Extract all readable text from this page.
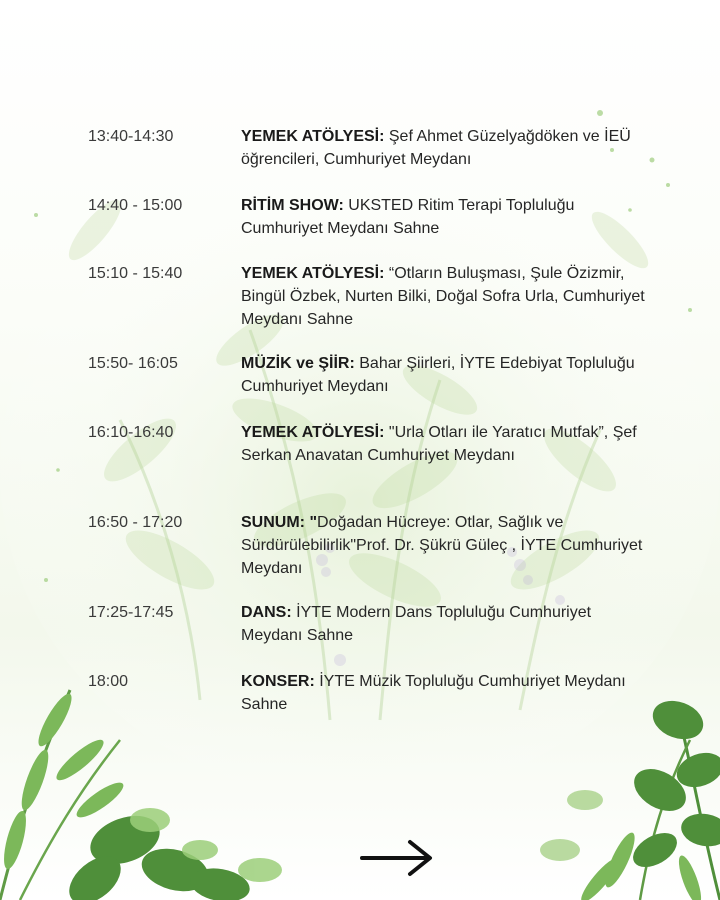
13:40-14:30	YEMEK ATÖLYESİ: Şef Ahmet Güzelyağdöken ve İEÜ öğrencileri, Cumhuriyet Meydanı
14:40 - 15:00	RİTİM SHOW: UKSTED Ritim Terapi Topluluğu Cumhuriyet Meydanı Sahne
15:10 - 15:40	YEMEK ATÖLYESİ: “Otların Buluşması, Şule Özizmir, Bingül Özbek, Nurten Bilki, Doğal Sofra Urla, Cumhuriyet Meydanı Sahne
15:50- 16:05	MÜZİK ve ŞİİR: Bahar Şiirleri, İYTE Edebiyat Topluluğu Cumhuriyet Meydanı
16:10-16:40	YEMEK ATÖLYESİ: "Urla Otları ile Yaratıcı Mutfak”, Şef Serkan Anavatan Cumhuriyet Meydanı
16:50 - 17:20	SUNUM: "Doğadan Hücreye: Otlar, Sağlık ve Sürdürülebilirlik"Prof. Dr. Şükrü Güleç , İYTE Cumhuriyet Meydanı
17:25-17:45	DANS: İYTE Modern Dans Topluluğu Cumhuriyet Meydanı Sahne
18:00	KONSER: İYTE Müzik Topluluğu Cumhuriyet Meydanı Sahne
